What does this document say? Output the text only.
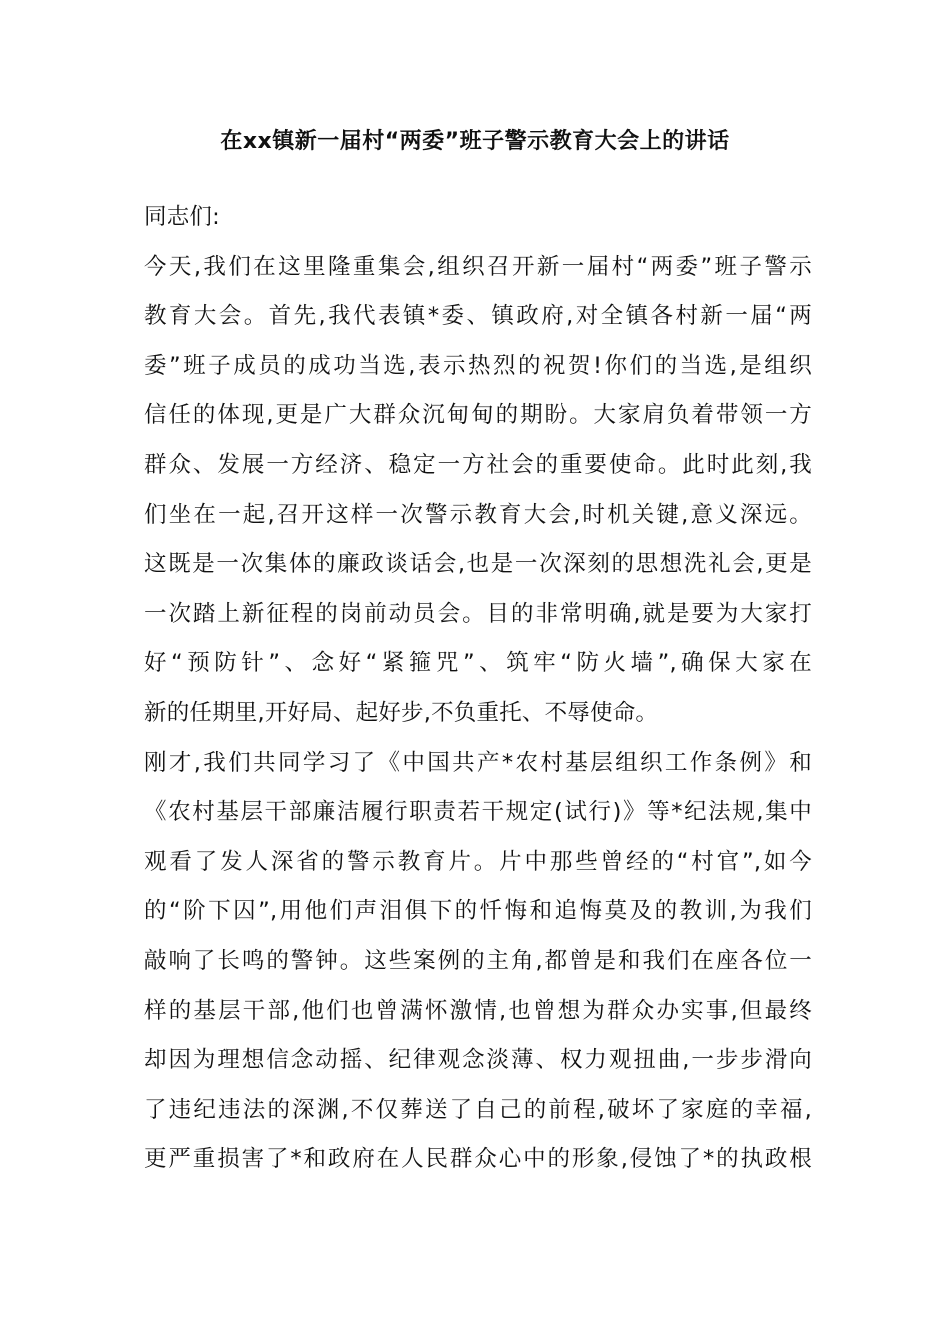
在xx镇新一届村“两委”班子警示教育大会上的讲话
同志们:
今天,我们在这里隆重集会,组织召开新一届村“两委”班子警示
教育大会。首先,我代表镇*委、镇政府,对全镇各村新一届“两
委”班子成员的成功当选,表示热烈的祝贺!你们的当选,是组织
信任的体现,更是广大群众沉甸甸的期盼。大家肩负着带领一方
群众、发展一方经济、稳定一方社会的重要使命。此时此刻,我
们坐在一起,召开这样一次警示教育大会,时机关键,意义深远。
这既是一次集体的廉政谈话会,也是一次深刻的思想洗礼会,更是
一次踏上新征程的岗前动员会。目的非常明确,就是要为大家打
好“预防针”、念好“紧箍咒”、筑牢“防火墙”,确保大家在
新的任期里,开好局、起好步,不负重托、不辱使命。
刚才,我们共同学习了《中国共产*农村基层组织工作条例》和
《农村基层干部廉洁履行职责若干规定(试行)》等*纪法规,集中
观看了发人深省的警示教育片。片中那些曾经的“村官”,如今
的“阶下囚”,用他们声泪俱下的忏悔和追悔莫及的教训,为我们
敲响了长鸣的警钟。这些案例的主角,都曾是和我们在座各位一
样的基层干部,他们也曾满怀激情,也曾想为群众办实事,但最终
却因为理想信念动摇、纪律观念淡薄、权力观扭曲,一步步滑向
了违纪违法的深渊,不仅葬送了自己的前程,破坏了家庭的幸福,
更严重损害了*和政府在人民群众心中的形象,侵蚀了*的执政根
